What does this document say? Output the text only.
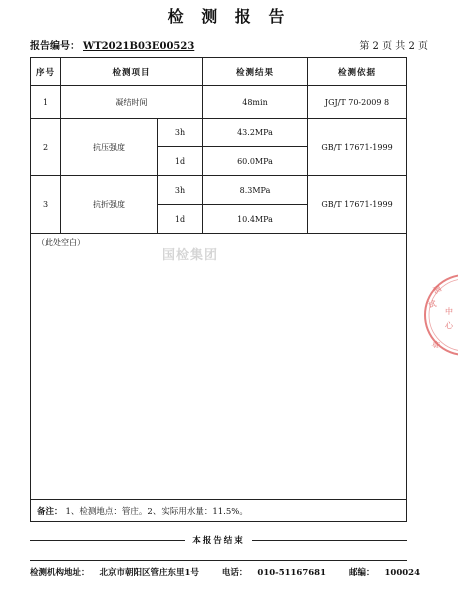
检 测 报 告
报告编号： WT2021B03E00523	第 2 页 共 2 页
序号	检测项目	检测结果	检测依据
1	凝结时间	48min	JGJ/T 70-2009 8
2	抗压强度
3h	43.2MPa
1d	60.0MPa
GB/T 17671-1999
3	抗折强度
3h	8.3MPa
1d	10.4MPa
GB/T 17671-1999
（此处空白）
备注： 1、检测地点：管庄。2、实际用水量：11.5%。
国检集团
本报告结束
检测机构地址： 北京市朝阳区管庄东里1号	电话： 010-51167681	邮编： 100024
测
试
中
心
章
